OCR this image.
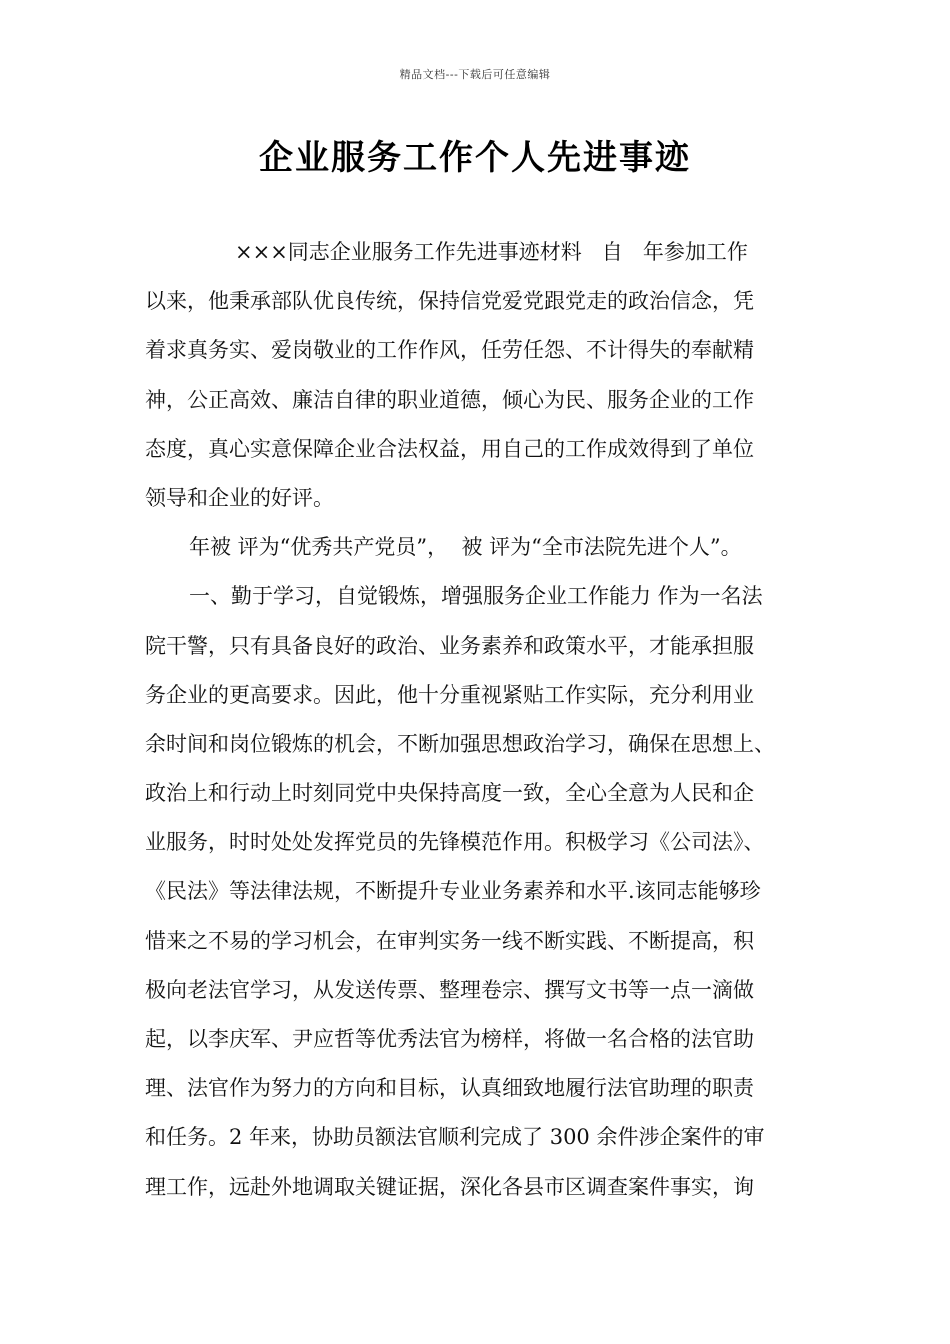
精品文档---下载后可任意编辑
企业服务工作个人先进事迹
×××同志企业服务工作先进事迹材料   自   年参加工作
以来，他秉承部队优良传统，保持信党爱党跟党走的政治信念，凭
着求真务实、爱岗敬业的工作作风，任劳任怨、不计得失的奉献精
神，公正高效、廉洁自律的职业道德，倾心为民、服务企业的工作
态度，真心实意保障企业合法权益，用自己的工作成效得到了单位
领导和企业的好评。
年被 评为“优秀共产党员”，  被 评为“全市法院先进个人”。
一、勤于学习，自觉锻炼，增强服务企业工作能力 作为一名法
院干警，只有具备良好的政治、业务素养和政策水平，才能承担服
务企业的更高要求。因此，他十分重视紧贴工作实际，充分利用业
余时间和岗位锻炼的机会，不断加强思想政治学习，确保在思想上、
政治上和行动上时刻同党中央保持高度一致，全心全意为人民和企
业服务，时时处处发挥党员的先锋模范作用。积极学习《公司法》、
《民法》等法律法规，不断提升专业业务素养和水平.该同志能够珍
惜来之不易的学习机会，在审判实务一线不断实践、不断提高，积
极向老法官学习，从发送传票、整理卷宗、撰写文书等一点一滴做
起，以李庆军、尹应哲等优秀法官为榜样，将做一名合格的法官助
理、法官作为努力的方向和目标，认真细致地履行法官助理的职责
和任务。2 年来，协助员额法官顺利完成了 300 余件涉企案件的审
理工作，远赴外地调取关键证据，深化各县市区调查案件事实，询
